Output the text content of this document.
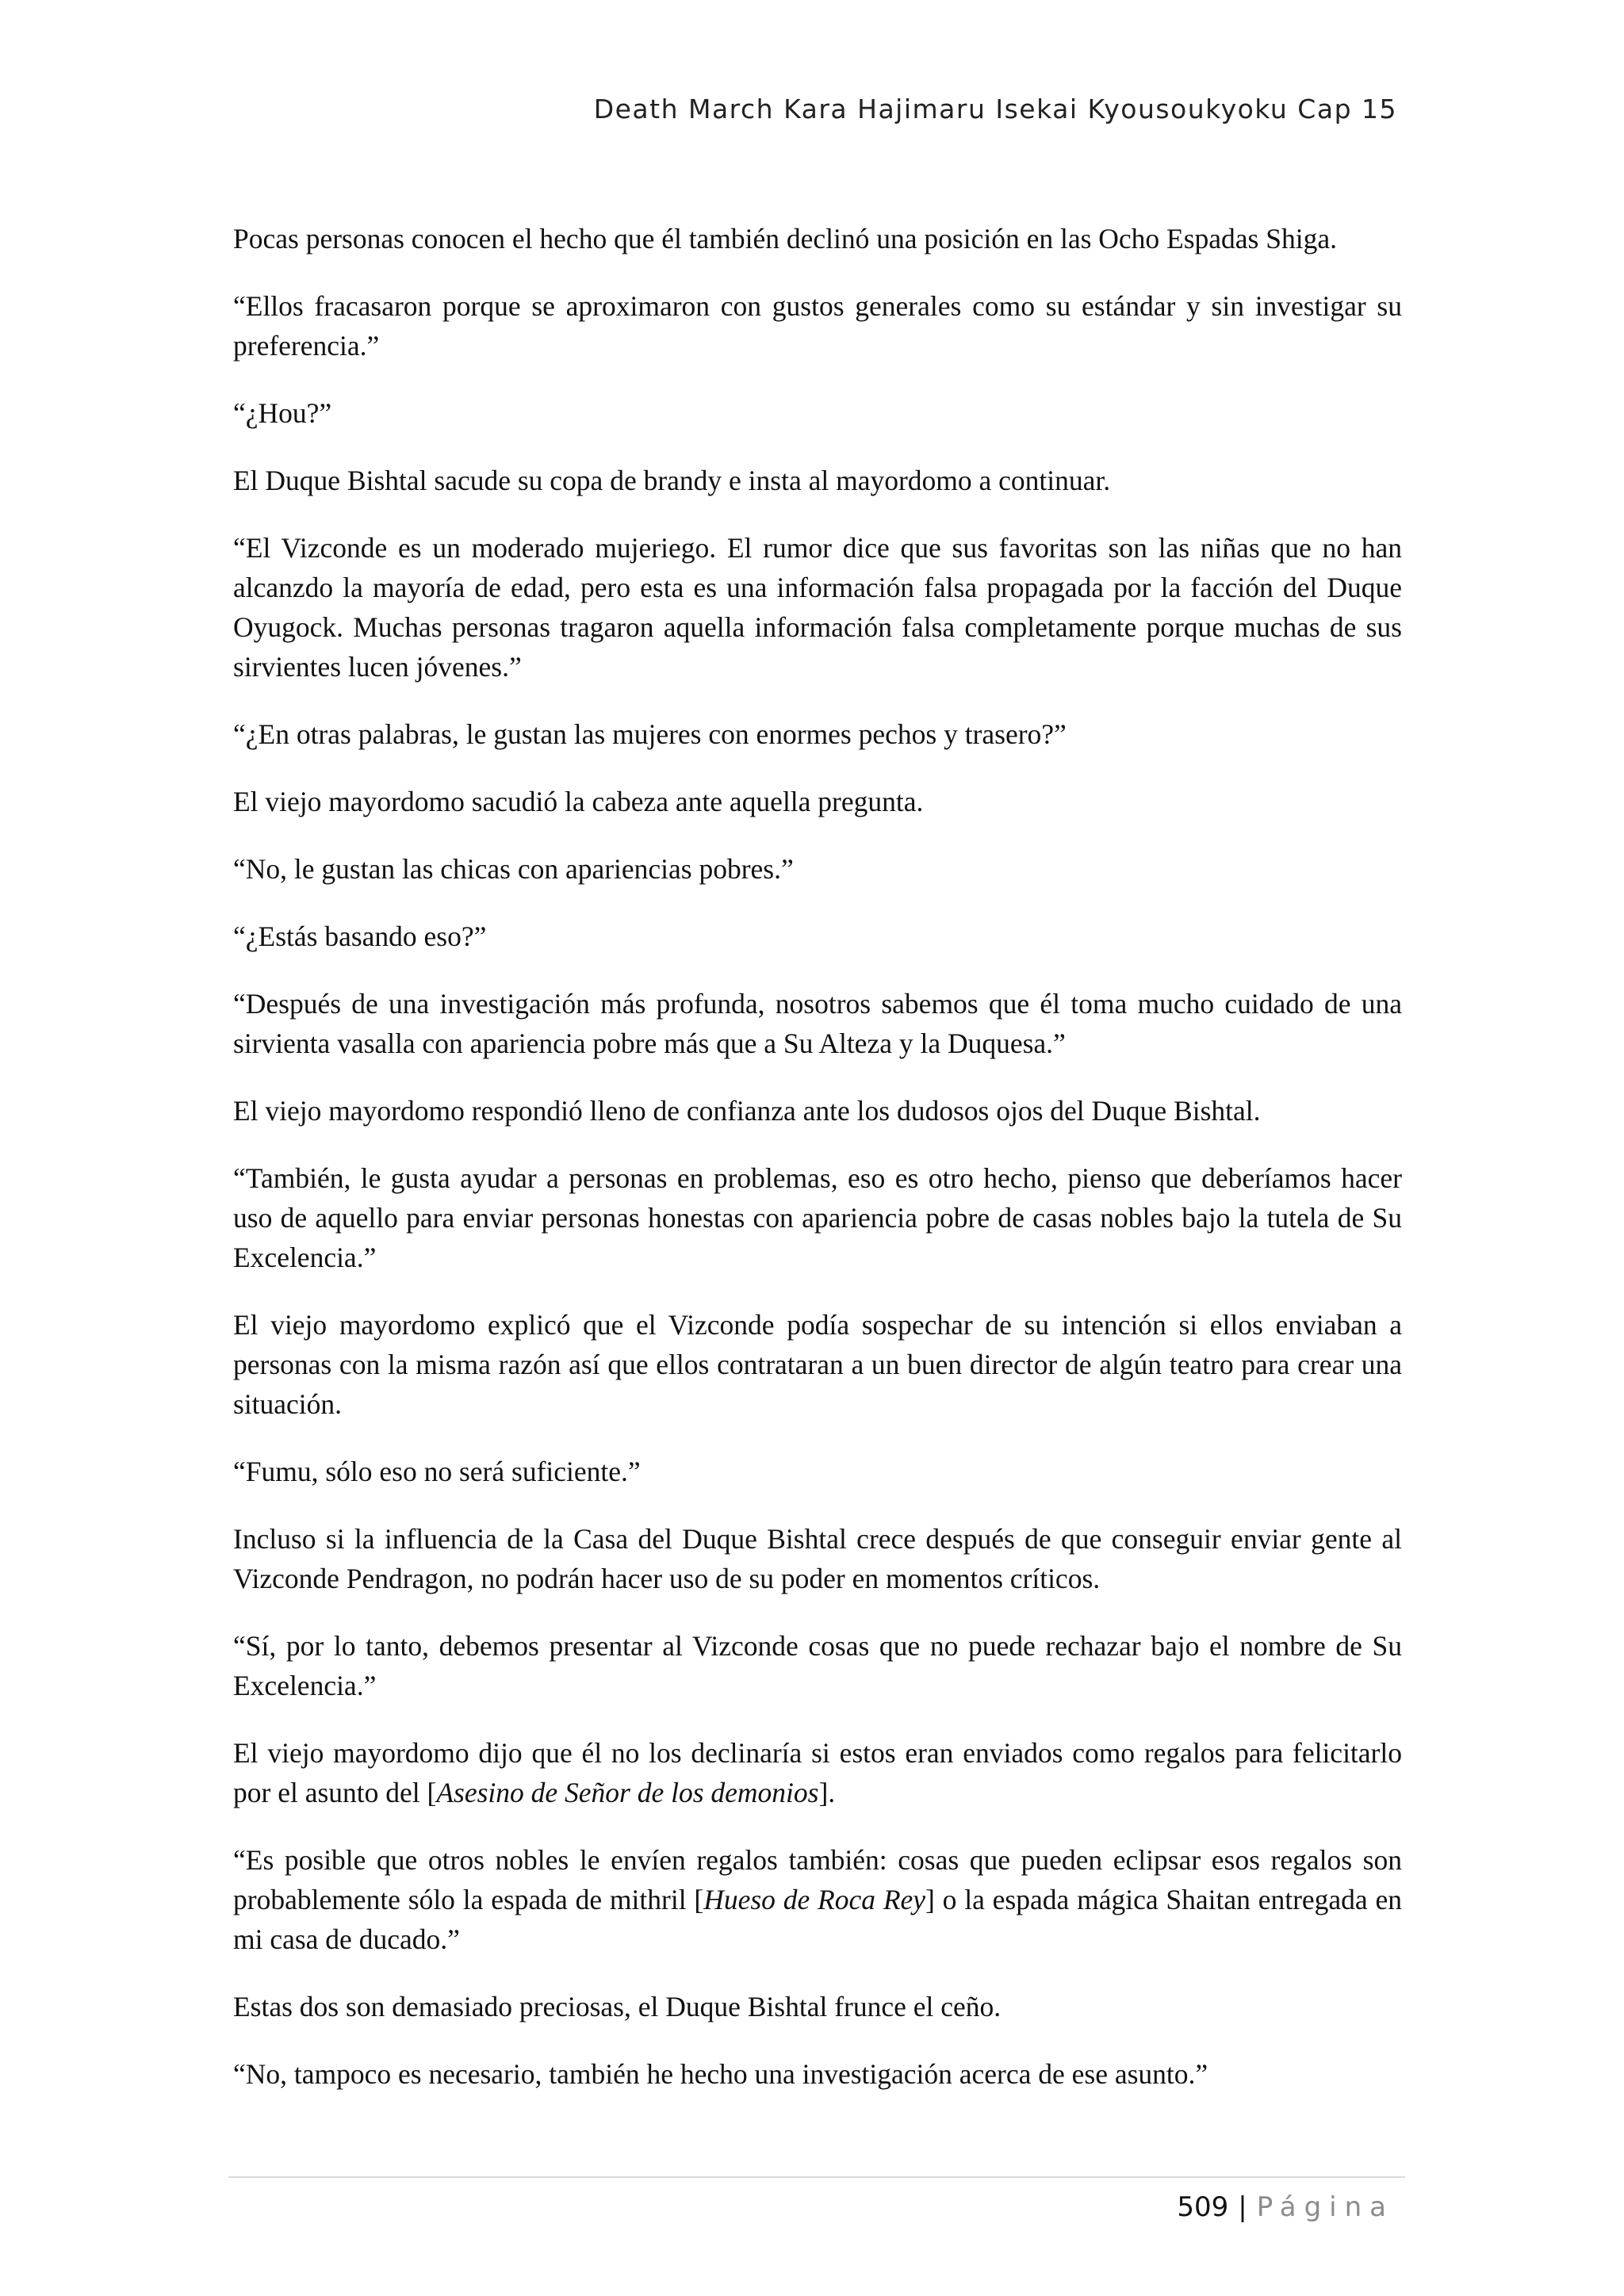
Death March Kara Hajimaru Isekai Kyousoukyoku Cap 15

Pocas personas conocen el hecho que él también declinó una posición en las Ocho Espadas Shiga.

“Ellos fracasaron porque se aproximaron con gustos generales como su estándar y sin investigar su preferencia.”

“¿Hou?”

El Duque Bishtal sacude su copa de brandy e insta al mayordomo a continuar.

“El Vizconde es un moderado mujeriego. El rumor dice que sus favoritas son las niñas que no han alcanzdo la mayoría de edad, pero esta es una información falsa propagada por la facción del Duque Oyugock. Muchas personas tragaron aquella información falsa completamente porque muchas de sus sirvientes lucen jóvenes.”

“¿En otras palabras, le gustan las mujeres con enormes pechos y trasero?”

El viejo mayordomo sacudió la cabeza ante aquella pregunta.

“No, le gustan las chicas con apariencias pobres.”

“¿Estás basando eso?”

“Después de una investigación más profunda, nosotros sabemos que él toma mucho cuidado de una sirvienta vasalla con apariencia pobre más que a Su Alteza y la Duquesa.”

El viejo mayordomo respondió lleno de confianza ante los dudosos ojos del Duque Bishtal.

“También, le gusta ayudar a personas en problemas, eso es otro hecho, pienso que deberíamos hacer uso de aquello para enviar personas honestas con apariencia pobre de casas nobles bajo la tutela de Su Excelencia.”

El viejo mayordomo explicó que el Vizconde podía sospechar de su intención si ellos enviaban a personas con la misma razón así que ellos contrataran a un buen director de algún teatro para crear una situación.

“Fumu, sólo eso no será suficiente.”

Incluso si la influencia de la Casa del Duque Bishtal crece después de que conseguir enviar gente al Vizconde Pendragon, no podrán hacer uso de su poder en momentos críticos.

“Sí, por lo tanto, debemos presentar al Vizconde cosas que no puede rechazar bajo el nombre de Su Excelencia.”

El viejo mayordomo dijo que él no los declinaría si estos eran enviados como regalos para felicitarlo por el asunto del [Asesino de Señor de los demonios].

“Es posible que otros nobles le envíen regalos también: cosas que pueden eclipsar esos regalos son probablemente sólo la espada de mithril [Hueso de Roca Rey] o la espada mágica Shaitan entregada en mi casa de ducado.”

Estas dos son demasiado preciosas, el Duque Bishtal frunce el ceño.

“No, tampoco es necesario, también he hecho una investigación acerca de ese asunto.”

509 | Página
